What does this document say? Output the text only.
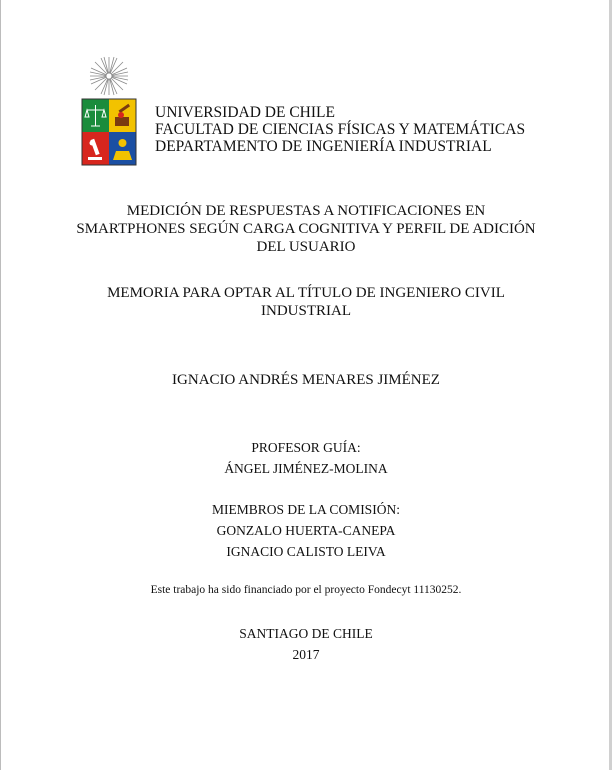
UNIVERSIDAD DE CHILE
FACULTAD DE CIENCIAS FÍSICAS Y MATEMÁTICAS
DEPARTAMENTO DE INGENIERÍA INDUSTRIAL
MEDICIÓN DE RESPUESTAS A NOTIFICACIONES EN
SMARTPHONES SEGÚN CARGA COGNITIVA Y PERFIL DE ADICIÓN
DEL USUARIO
MEMORIA PARA OPTAR AL TÍTULO DE INGENIERO CIVIL
INDUSTRIAL
IGNACIO ANDRÉS MENARES JIMÉNEZ
PROFESOR GUÍA:
ÁNGEL JIMÉNEZ-MOLINA
MIEMBROS DE LA COMISIÓN:
GONZALO HUERTA-CANEPA
IGNACIO CALISTO LEIVA
Este trabajo ha sido financiado por el proyecto Fondecyt 11130252.
SANTIAGO DE CHILE
2017
